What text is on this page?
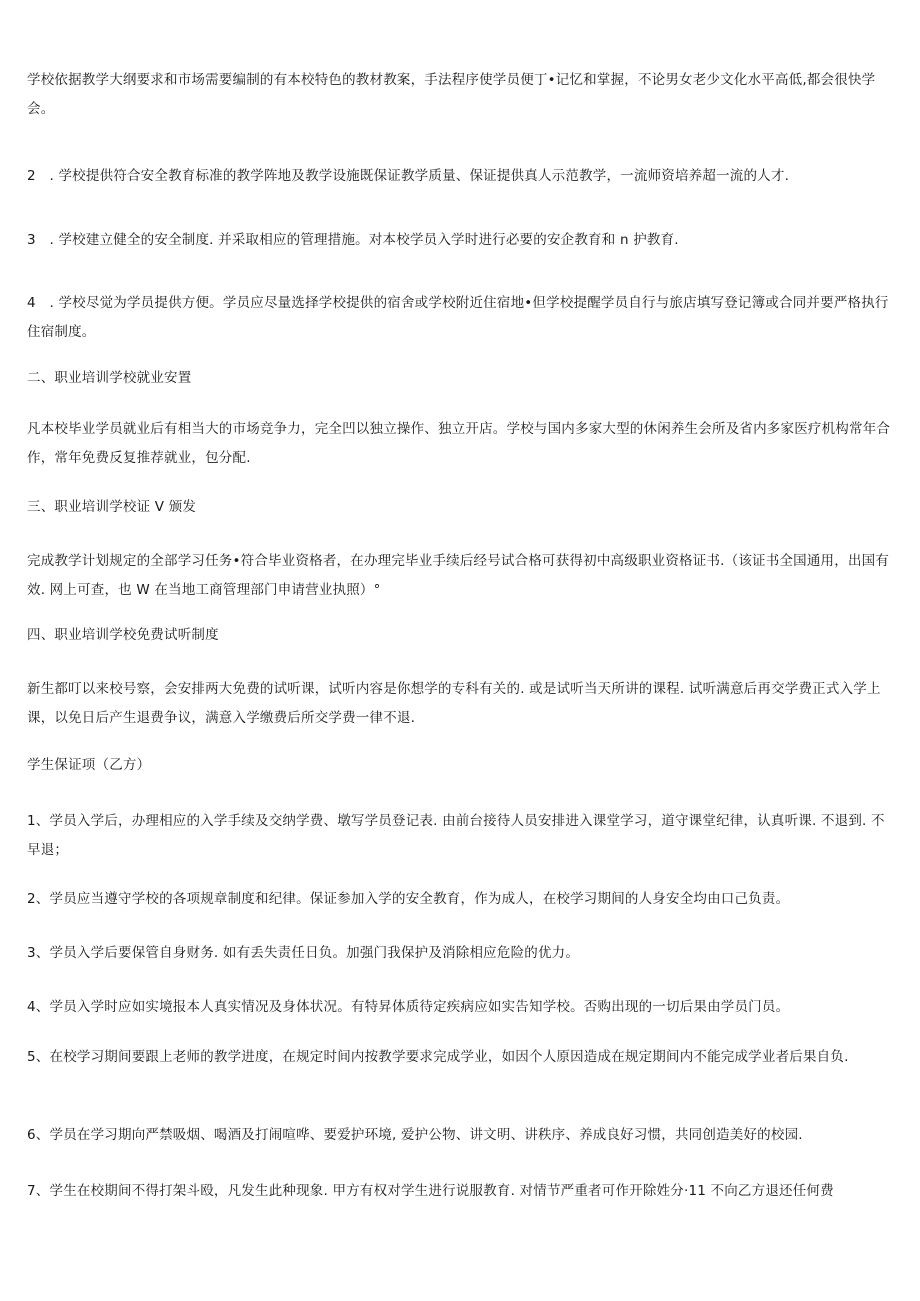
学校依据教学大纲要求和市场需要编制的有本校特色的教材教案，手法程序使学员便丁•记忆和掌握，不论男女老少文化水平高低,都会很快学会。

2　. 学校提供符合安全教育标准的教学阵地及教学设施既保证教学质量、保证提供真人示范教学，一流师资培养超一流的人才.

3　. 学校建立健全的安全制度. 并采取相应的管理措施。对本校学员入学时进行必要的安企教育和 n 护教育.

4　. 学校尽觉为学员提供方便。学员应尽量选择学校提供的宿舍或学校附近住宿地•但学校提醒学员自行与旅店填写登记簿或合同并要严格执行住宿制度。

二、职业培训学校就业安置

凡本校毕业学员就业后有相当大的市场竞争力，完全凹以独立操作、独立开店。学校与国内多家大型的休闲养生会所及省内多家医疗机构常年合作，常年免费反复推荐就业，包分配.

三、职业培训学校证 V 颁发

完成教学计划规定的全部学习任务•符合毕业资格者，在办理完毕业手续后经号试合格可获得初中高级职业资格证书.（该证书全国通用，出国有效. 网上可查，也 W 在当地工商管理部门申请营业执照）°

四、职业培训学校免费试听制度

新生都叮以来校号察，会安排两大免费的试听课，试听内容是你想学的专科有关的. 或是试听当天所讲的课程. 试听满意后再交学费正式入学上课，以免日后产生退费争议，满意入学缴费后所交学费一律不退.

学生保证项（乙方）

1、学员入学后，办理相应的入学手续及交纳学费、墩写学员登记表. 由前台接待人员安排进入课堂学习，道守课堂纪律，认真听课. 不退到. 不早退；

2、学员应当遵守学校的各项规章制度和纪律。保证参加入学的安全教育，作为成人，在校学习期间的人身安全均由口己负责。

3、学员入学后要保管自身财务. 如有丢失责任日负。加强门我保护及消除相应危险的优力。

4、学员入学时应如实境报本人真实情况及身体状况。有特昇体质待定疾病应如实告知学校。否购出现的一切后果由学员门员。

5、在校学习期间要跟上老师的教学进度，在规定时间内按教学要求完成学业，如因个人原因造成在规定期间内不能完成学业者后果自负.

6、学员在学习期向严禁吸烟、喝酒及打闹喧哗、要爱护环境, 爱护公物、讲文明、讲秩序、养成良好习惯，共同创造美好的校园.

7、学生在校期间不得打架斗殴，凡发生此种现象. 甲方有权对学生进行说服教育. 对情节严重者可作开除姓分·11 不向乙方退还任何费
